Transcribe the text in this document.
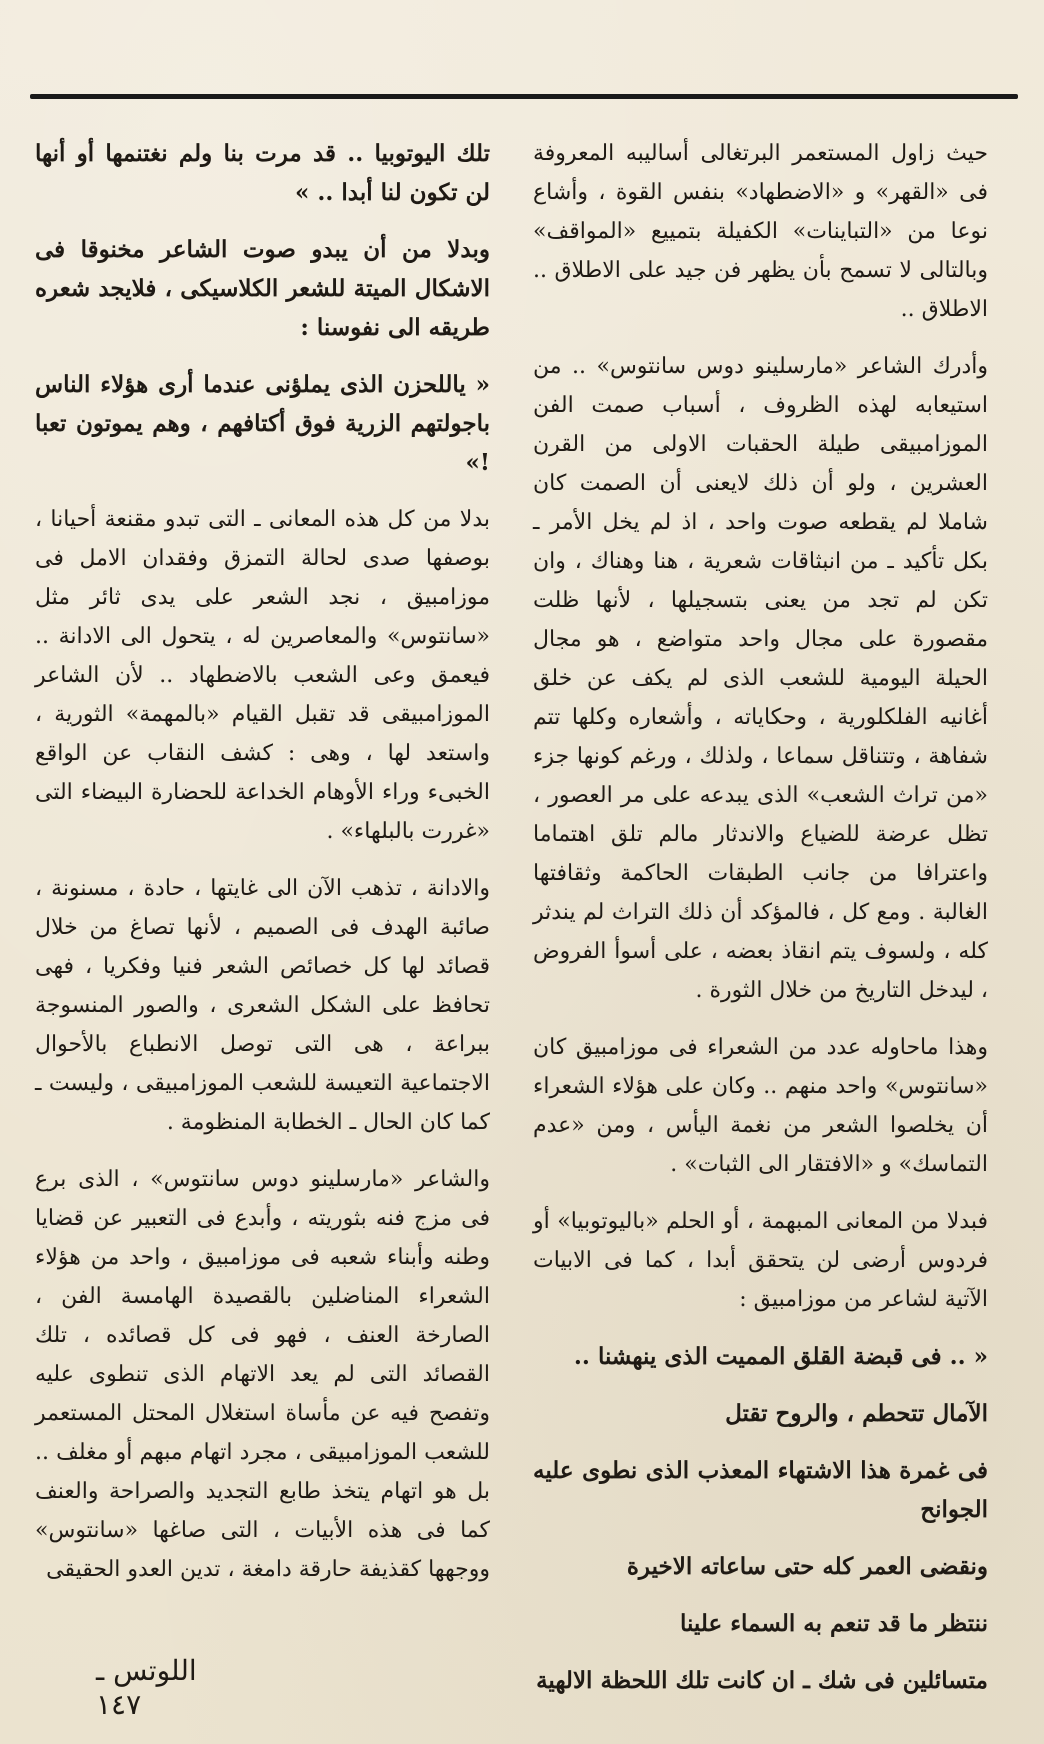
حيث زاول المستعمر البرتغالى أساليبه المعروفة فى «القهر» و «الاضطهاد» بنفس القوة ، وأشاع نوعا من «التباينات» الكفيلة بتمييع «المواقف» وبالتالى لا تسمح بأن يظهر فن جيد على الاطلاق .. الاطلاق ..

وأدرك الشاعر «مارسلينو دوس سانتوس» .. من استيعابه لهذه الظروف ، أسباب صمت الفن الموزامبيقى طيلة الحقبات الاولى من القرن العشرين ، ولو أن ذلك لايعنى أن الصمت كان شاملا لم يقطعه صوت واحد ، اذ لم يخل الأمر ـ بكل تأكيد ـ من انبثاقات شعرية ، هنا وهناك ، وان تكن لم تجد من يعنى بتسجيلها ، لأنها ظلت مقصورة على مجال واحد متواضع ، هو مجال الحيلة اليومية للشعب الذى لم يكف عن خلق أغانيه الفلكلورية ، وحكاياته ، وأشعاره وكلها تتم شفاهة ، وتتناقل سماعا ، ولذلك ، ورغم كونها جزء «من تراث الشعب» الذى يبدعه على مر العصور ، تظل عرضة للضياع والاندثار مالم تلق اهتماما واعترافا من جانب الطبقات الحاكمة وثقافتها الغالبة . ومع كل ، فالمؤكد أن ذلك التراث لم يندثر كله ، ولسوف يتم انقاذ بعضه ، على أسوأ الفروض ، ليدخل التاريخ من خلال الثورة .

وهذا ماحاوله عدد من الشعراء فى موزامبيق كان «سانتوس» واحد منهم .. وكان على هؤلاء الشعراء أن يخلصوا الشعر من نغمة اليأس ، ومن «عدم التماسك» و «الافتقار الى الثبات» .

فبدلا من المعانى المبهمة ، أو الحلم «باليوتوبيا» أو فردوس أرضى لن يتحقق أبدا ، كما فى الابيات الآتية لشاعر من موزامبيق :

« .. فى قبضة القلق المميت الذى ينهشنا ..

الآمال تتحطم ، والروح تقتل

فى غمرة هذا الاشتهاء المعذب الذى نطوى عليه الجوانح

ونقضى العمر كله حتى ساعاته الاخيرة

ننتظر ما قد تنعم به السماء علينا

متسائلين فى شك ـ ان كانت تلك اللحظة الالهية

تلك اليوتوبيا .. قد مرت بنا ولم نغتنمها أو أنها لن تكون لنا أبدا .. »

وبدلا من أن يبدو صوت الشاعر مخنوقا فى الاشكال الميتة للشعر الكلاسيكى ، فلايجد شعره طريقه الى نفوسنا :

« ياللحزن الذى يملؤنى عندما أرى هؤلاء الناس باجولتهم الزرية فوق أكتافهم ، وهم يموتون تعبا !»

بدلا من كل هذه المعانى ـ التى تبدو مقنعة أحيانا ، بوصفها صدى لحالة التمزق وفقدان الامل فى موزامبيق ، نجد الشعر على يدى ثائر مثل «سانتوس» والمعاصرين له ، يتحول الى الادانة .. فيعمق وعى الشعب بالاضطهاد .. لأن الشاعر الموزامبيقى قد تقبل القيام «بالمهمة» الثورية ، واستعد لها ، وهى : كشف النقاب عن الواقع الخبىء وراء الأوهام الخداعة للحضارة البيضاء التى «غررت بالبلهاء» .

والادانة ، تذهب الآن الى غايتها ، حادة ، مسنونة ، صائبة الهدف فى الصميم ، لأنها تصاغ من خلال قصائد لها كل خصائص الشعر فنيا وفكريا ، فهى تحافظ على الشكل الشعرى ، والصور المنسوجة ببراعة ، هى التى توصل الانطباع بالأحوال الاجتماعية التعيسة للشعب الموزامبيقى ، وليست ـ كما كان الحال ـ الخطابة المنظومة .

والشاعر «مارسلينو دوس سانتوس» ، الذى برع فى مزج فنه بثوريته ، وأبدع فى التعبير عن قضايا وطنه وأبناء شعبه فى موزامبيق ، واحد من هؤلاء الشعراء المناضلين بالقصيدة الهامسة الفن ، الصارخة العنف ، فهو فى كل قصائده ، تلك القصائد التى لم يعد الاتهام الذى تنطوى عليه وتفصح فيه عن مأساة استغلال المحتل المستعمر للشعب الموزامبيقى ، مجرد اتهام مبهم أو مغلف .. بل هو اتهام يتخذ طابع التجديد والصراحة والعنف كما فى هذه الأبيات ، التى صاغها «سانتوس» ووجهها كقذيفة حارقة دامغة ، تدين العدو الحقيقى

اللوتس ـ ١٤٧
